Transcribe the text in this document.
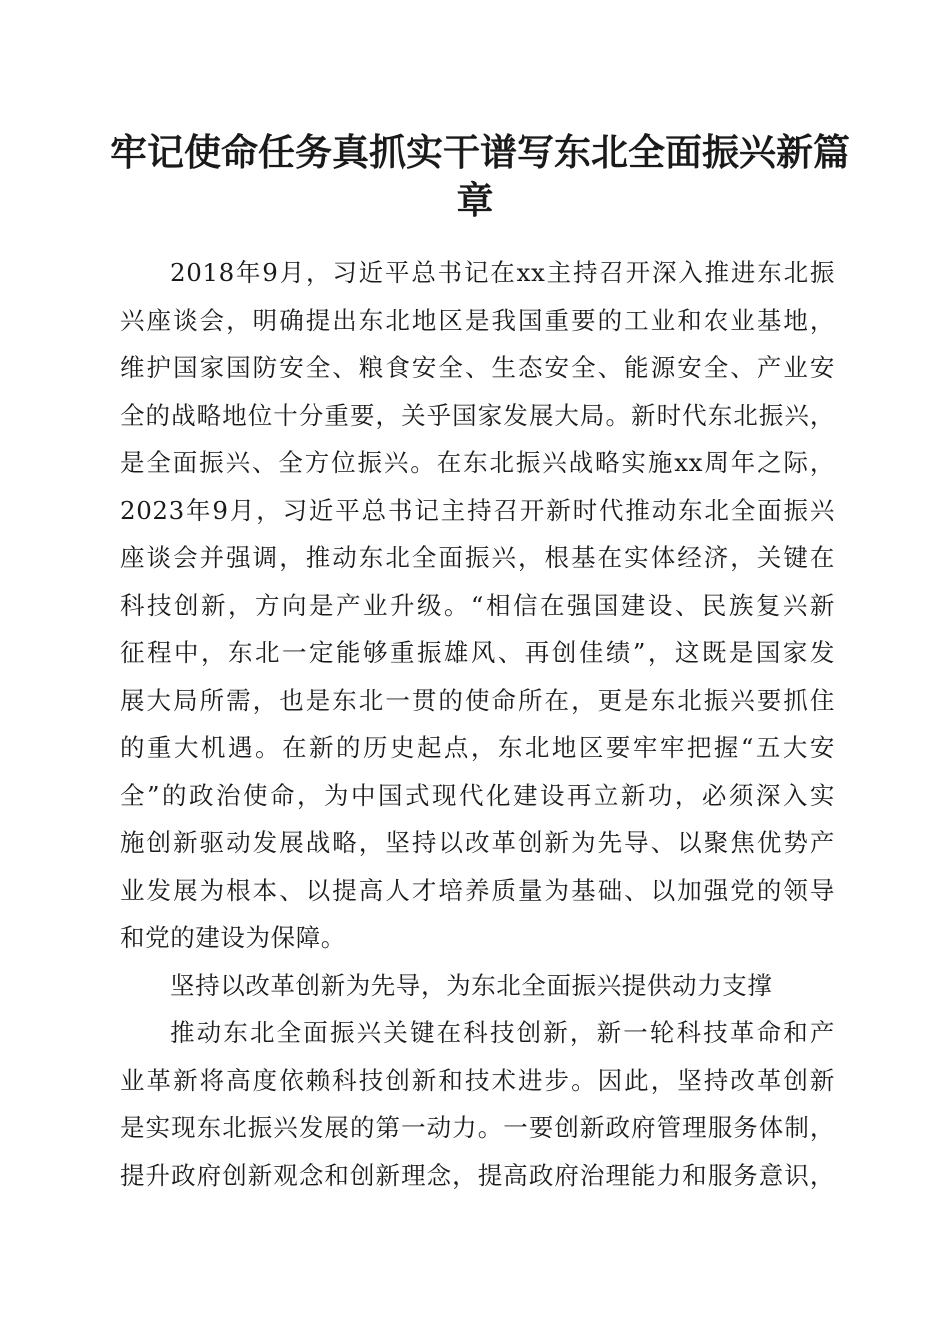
牢记使命任务真抓实干谱写东北全面振兴新篇
章

2018年9月，习近平总书记在xx主持召开深入推进东北振
兴座谈会，明确提出东北地区是我国重要的工业和农业基地，
维护国家国防安全、粮食安全、生态安全、能源安全、产业安
全的战略地位十分重要，关乎国家发展大局。新时代东北振兴，
是全面振兴、全方位振兴。在东北振兴战略实施xx周年之际，
2023年9月，习近平总书记主持召开新时代推动东北全面振兴
座谈会并强调，推动东北全面振兴，根基在实体经济，关键在
科技创新，方向是产业升级。“相信在强国建设、民族复兴新
征程中，东北一定能够重振雄风、再创佳绩”，这既是国家发
展大局所需，也是东北一贯的使命所在，更是东北振兴要抓住
的重大机遇。在新的历史起点，东北地区要牢牢把握“五大安
全”的政治使命，为中国式现代化建设再立新功，必须深入实
施创新驱动发展战略，坚持以改革创新为先导、以聚焦优势产
业发展为根本、以提高人才培养质量为基础、以加强党的领导
和党的建设为保障。

坚持以改革创新为先导，为东北全面振兴提供动力支撑

推动东北全面振兴关键在科技创新，新一轮科技革命和产
业革新将高度依赖科技创新和技术进步。因此，坚持改革创新
是实现东北振兴发展的第一动力。一要创新政府管理服务体制，
提升政府创新观念和创新理念，提高政府治理能力和服务意识，
